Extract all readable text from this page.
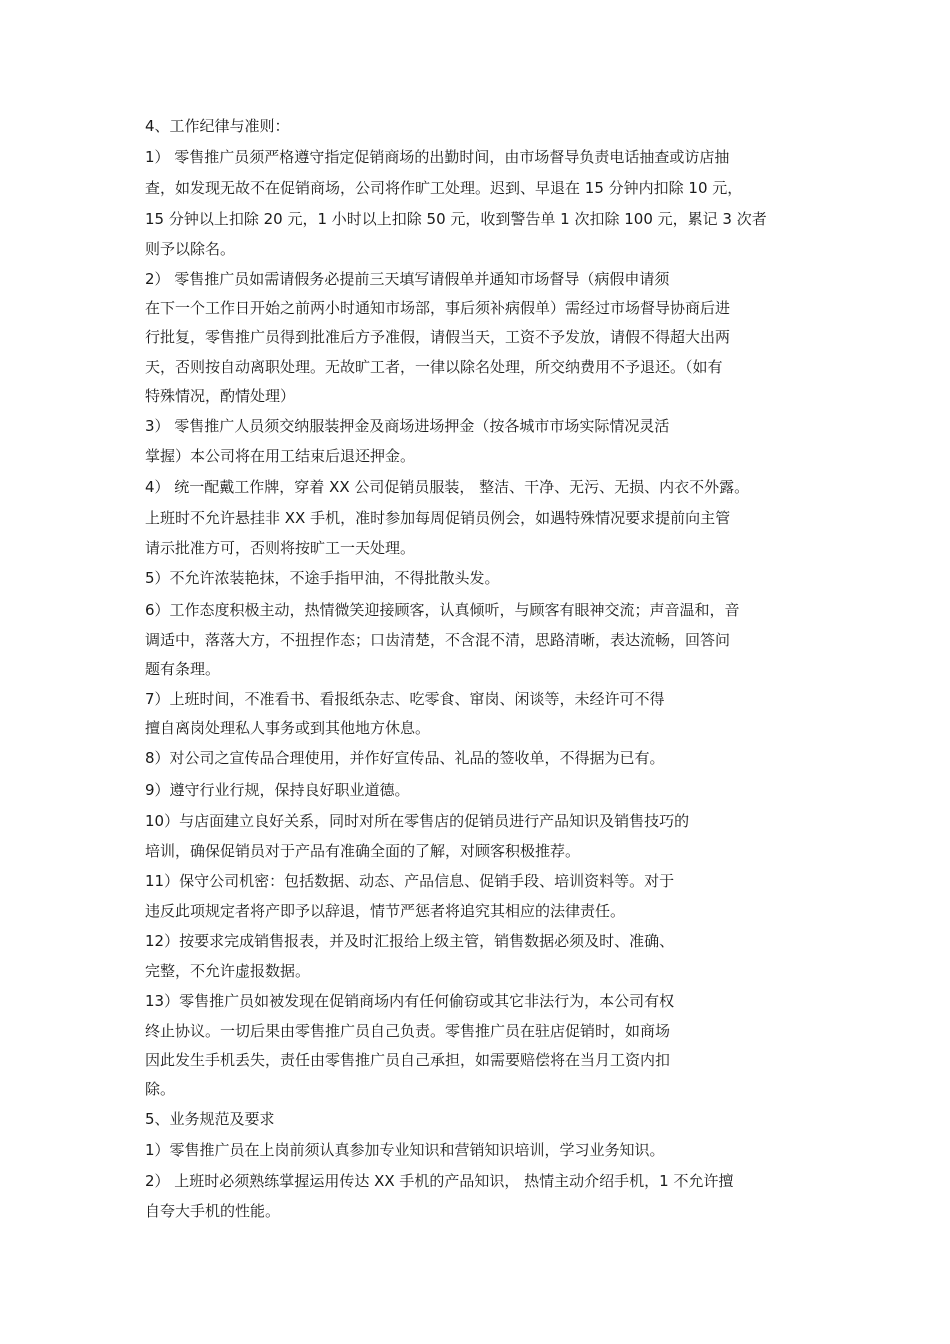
4、工作纪律与准则：
1） 零售推广员须严格遵守指定促销商场的出勤时间，由市场督导负责电话抽查或访店抽
查，如发现无故不在促销商场，公司将作旷工处理。迟到、早退在 15 分钟内扣除 10 元，
15 分钟以上扣除 20 元，1 小时以上扣除 50 元，收到警告单 1 次扣除 100 元，累记 3 次者
则予以除名。
2） 零售推广员如需请假务必提前三天填写请假单并通知市场督导（病假申请须
在下一个工作日开始之前两小时通知市场部，事后须补病假单）需经过市场督导协商后进
行批复，零售推广员得到批准后方予准假，请假当天，工资不予发放，请假不得超大出两
天，否则按自动离职处理。无故旷工者，一律以除名处理，所交纳费用不予退还。（如有
特殊情况，酌情处理）
3） 零售推广人员须交纳服装押金及商场进场押金（按各城市市场实际情况灵活
掌握）本公司将在用工结束后退还押金。
4） 统一配戴工作牌，穿着 XX 公司促销员服装， 整洁、干净、无污、无损、内衣不外露。
上班时不允许悬挂非 XX 手机，准时参加每周促销员例会，如遇特殊情况要求提前向主管
请示批准方可，否则将按旷工一天处理。
5）不允许浓装艳抹，不途手指甲油，不得批散头发。
6）工作态度积极主动，热情微笑迎接顾客，认真倾听，与顾客有眼神交流；声音温和，音
调适中，落落大方，不扭捏作态；口齿清楚，不含混不清，思路清晰，表达流畅，回答问
题有条理。
7）上班时间，不准看书、看报纸杂志、吃零食、窜岗、闲谈等，未经许可不得
擅自离岗处理私人事务或到其他地方休息。
8）对公司之宣传品合理使用，并作好宣传品、礼品的签收单，不得据为已有。
9）遵守行业行规，保持良好职业道德。
10）与店面建立良好关系，同时对所在零售店的促销员进行产品知识及销售技巧的
培训，确保促销员对于产品有准确全面的了解，对顾客积极推荐。
11）保守公司机密：包括数据、动态、产品信息、促销手段、培训资料等。对于
违反此项规定者将产即予以辞退，情节严惩者将追究其相应的法律责任。
12）按要求完成销售报表，并及时汇报给上级主管，销售数据必须及时、准确、
完整，不允许虚报数据。
13）零售推广员如被发现在促销商场内有任何偷窃或其它非法行为，本公司有权
终止协议。一切后果由零售推广员自己负责。零售推广员在驻店促销时，如商场
因此发生手机丢失，责任由零售推广员自己承担，如需要赔偿将在当月工资内扣
除。
5、业务规范及要求
1）零售推广员在上岗前须认真参加专业知识和营销知识培训，学习业务知识。
2） 上班时必须熟练掌握运用传达 XX 手机的产品知识， 热情主动介绍手机，1 不允许擅
自夸大手机的性能。
